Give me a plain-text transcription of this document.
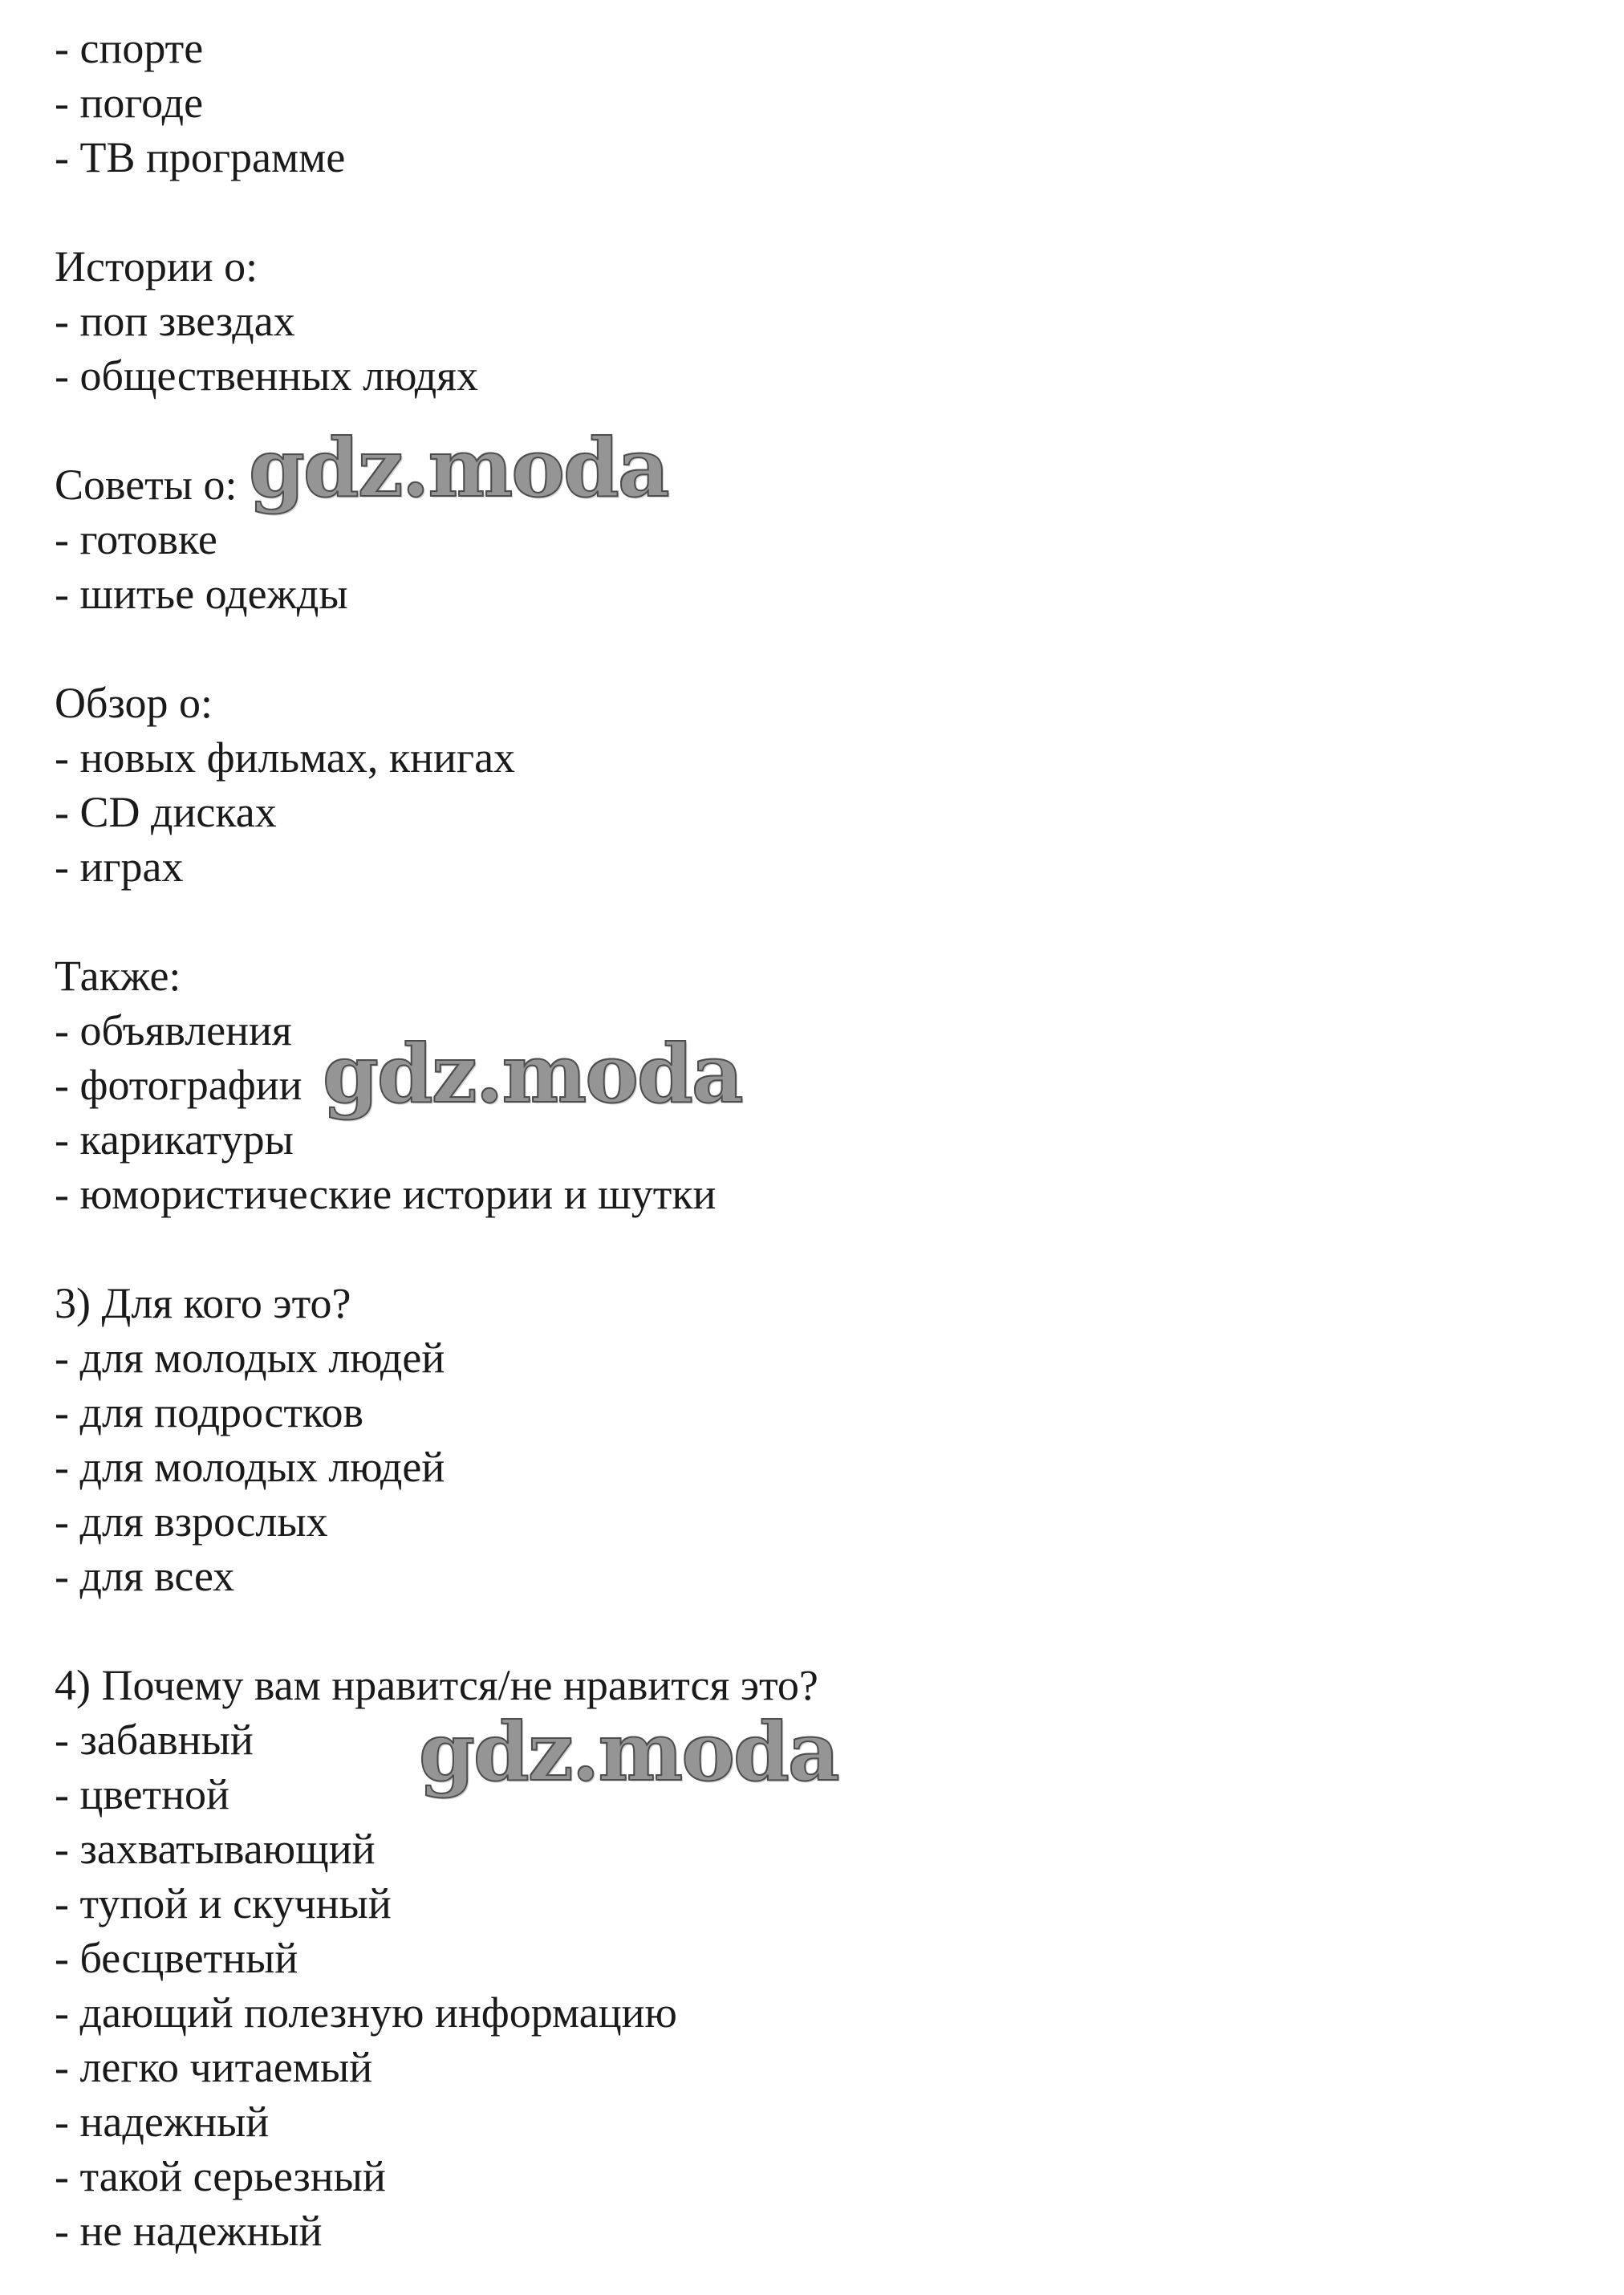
- спорте

- погоде

- ТВ программе

Истории о:

- поп звездах

- общественных людях

Советы о:

- готовке

- шитье одежды

Обзор о:

- новых фильмах, книгах

- CD дисках

- играх

Также:

- объявления

- фотографии

- карикатуры

- юмористические истории и шутки

3) Для кого это?

- для молодых людей

- для подростков

- для молодых людей

- для взрослых

- для всех

4) Почему вам нравится/не нравится это?

- забавный

- цветной

- захватывающий

- тупой и скучный

- бесцветный

- дающий полезную информацию

- легко читаемый

- надежный

- такой серьезный

- не надежный

gdz.moda
gdz.moda
gdz.moda
